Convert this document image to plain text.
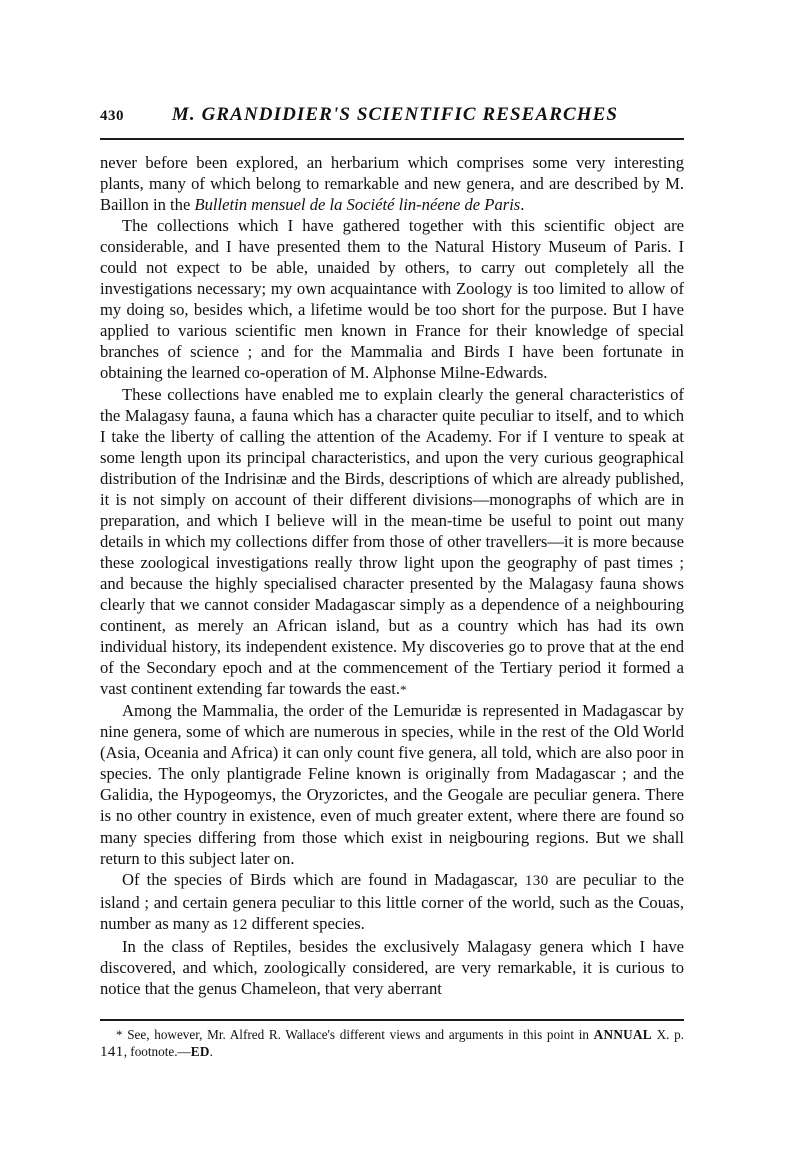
430	M. GRANDIDIER'S SCIENTIFIC RESEARCHES

never before been explored, an herbarium which comprises some very interesting plants, many of which belong to remarkable and new genera, and are described by M. Baillon in the Bulletin mensuel de la Société lin-néene de Paris.

The collections which I have gathered together with this scientific object are considerable, and I have presented them to the Natural History Museum of Paris. I could not expect to be able, unaided by others, to carry out completely all the investigations necessary; my own acquaintance with Zoology is too limited to allow of my doing so, besides which, a lifetime would be too short for the purpose. But I have applied to various scientific men known in France for their knowledge of special branches of science ; and for the Mammalia and Birds I have been fortunate in obtaining the learned co-operation of M. Alphonse Milne-Edwards.

These collections have enabled me to explain clearly the general characteristics of the Malagasy fauna, a fauna which has a character quite peculiar to itself, and to which I take the liberty of calling the attention of the Academy. For if I venture to speak at some length upon its principal characteristics, and upon the very curious geographical distribution of the Indrisinæ and the Birds, descriptions of which are already published, it is not simply on account of their different divisions—monographs of which are in preparation, and which I believe will in the mean-time be useful to point out many details in which my collections differ from those of other travellers—it is more because these zoological investigations really throw light upon the geography of past times ; and because the highly specialised character presented by the Malagasy fauna shows clearly that we cannot consider Madagascar simply as a dependence of a neighbouring continent, as merely an African island, but as a country which has had its own individual history, its independent existence. My discoveries go to prove that at the end of the Secondary epoch and at the commencement of the Tertiary period it formed a vast continent extending far towards the east.*

Among the Mammalia, the order of the Lemuridæ is represented in Madagascar by nine genera, some of which are numerous in species, while in the rest of the Old World (Asia, Oceania and Africa) it can only count five genera, all told, which are also poor in species. The only plantigrade Feline known is originally from Madagascar ; and the Galidia, the Hypogeomys, the Oryzorictes, and the Geogale are peculiar genera. There is no other country in existence, even of much greater extent, where there are found so many species differing from those which exist in neigbouring regions. But we shall return to this subject later on.

Of the species of Birds which are found in Madagascar, 130 are peculiar to the island ; and certain genera peculiar to this little corner of the world, such as the Couas, number as many as 12 different species.

In the class of Reptiles, besides the exclusively Malagasy genera which I have discovered, and which, zoologically considered, are very remarkable, it is curious to notice that the genus Chameleon, that very aberrant

* See, however, Mr. Alfred R. Wallace's different views and arguments in this point in ANNUAL X. p. 141, footnote.—ED.
